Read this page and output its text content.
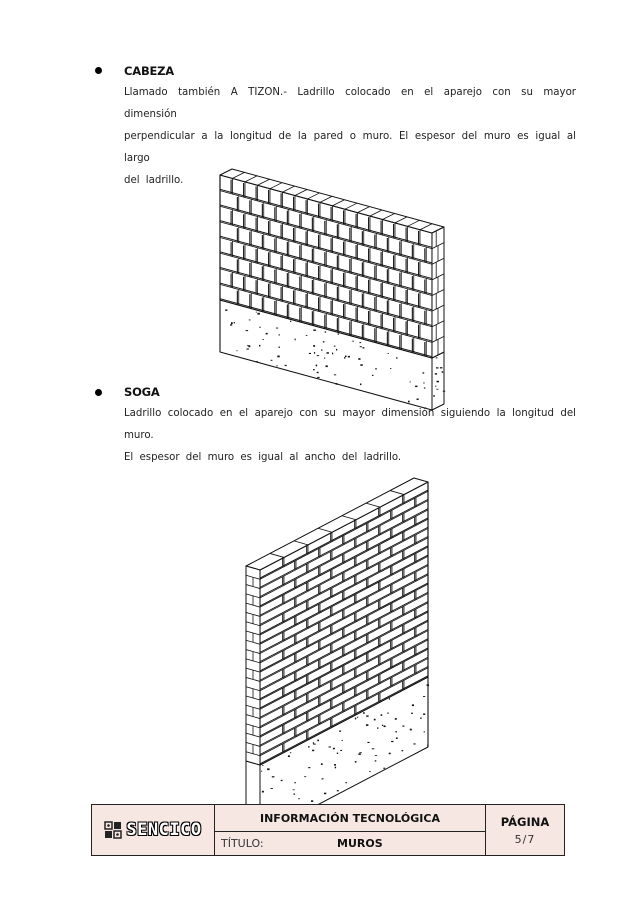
CABEZA
Llamado también A TIZON.- Ladrillo colocado en el aparejo con su mayor dimensión
perpendicular a la longitud de la pared o muro. El espesor del muro es igual al largo
del ladrillo.
SOGA
Ladrillo colocado en el aparejo con su mayor dimensión siguiendo la longitud del muro.
El espesor del muro es igual al ancho del ladrillo.
SENCICO
INFORMACIÓN TECNOLÓGICA
TÍTULO:	MUROS
PÁGINA
5/7
